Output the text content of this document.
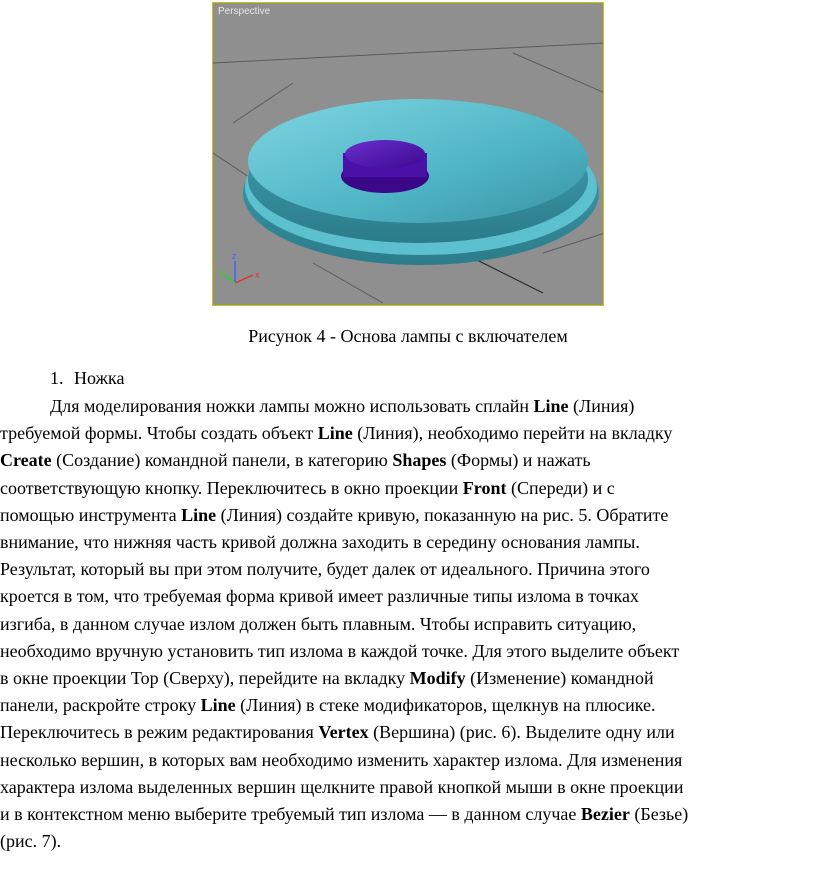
z
x
y
Perspective
Рисунок 4 - Основа лампы с включателем
1. Ножка
Для моделирования ножки лампы можно использовать сплайн Line (Линия)
требуемой формы. Чтобы создать объект Line (Линия), необходимо перейти на вкладку
Create (Создание) командной панели, в категорию Shapes (Формы) и нажать
соответствующую кнопку. Переключитесь в окно проекции Front (Спереди) и с
помощью инструмента Line (Линия) создайте кривую, показанную на рис. 5. Обратите
внимание, что нижняя часть кривой должна заходить в середину основания лампы.
Результат, который вы при этом получите, будет далек от идеального. Причина этого
кроется в том, что требуемая форма кривой имеет различные типы излома в точках
изгиба, в данном случае излом должен быть плавным. Чтобы исправить ситуацию,
необходимо вручную установить тип излома в каждой точке. Для этого выделите объект
в окне проекции Top (Сверху), перейдите на вкладку Modify (Изменение) командной
панели, раскройте строку Line (Линия) в стеке модификаторов, щелкнув на плюсике.
Переключитесь в режим редактирования Vertex (Вершина) (рис. 6). Выделите одну или
несколько вершин, в которых вам необходимо изменить характер излома. Для изменения
характера излома выделенных вершин щелкните правой кнопкой мыши в окне проекции
и в контекстном меню выберите требуемый тип излома — в данном случае Bezier (Безье)
(рис. 7).
